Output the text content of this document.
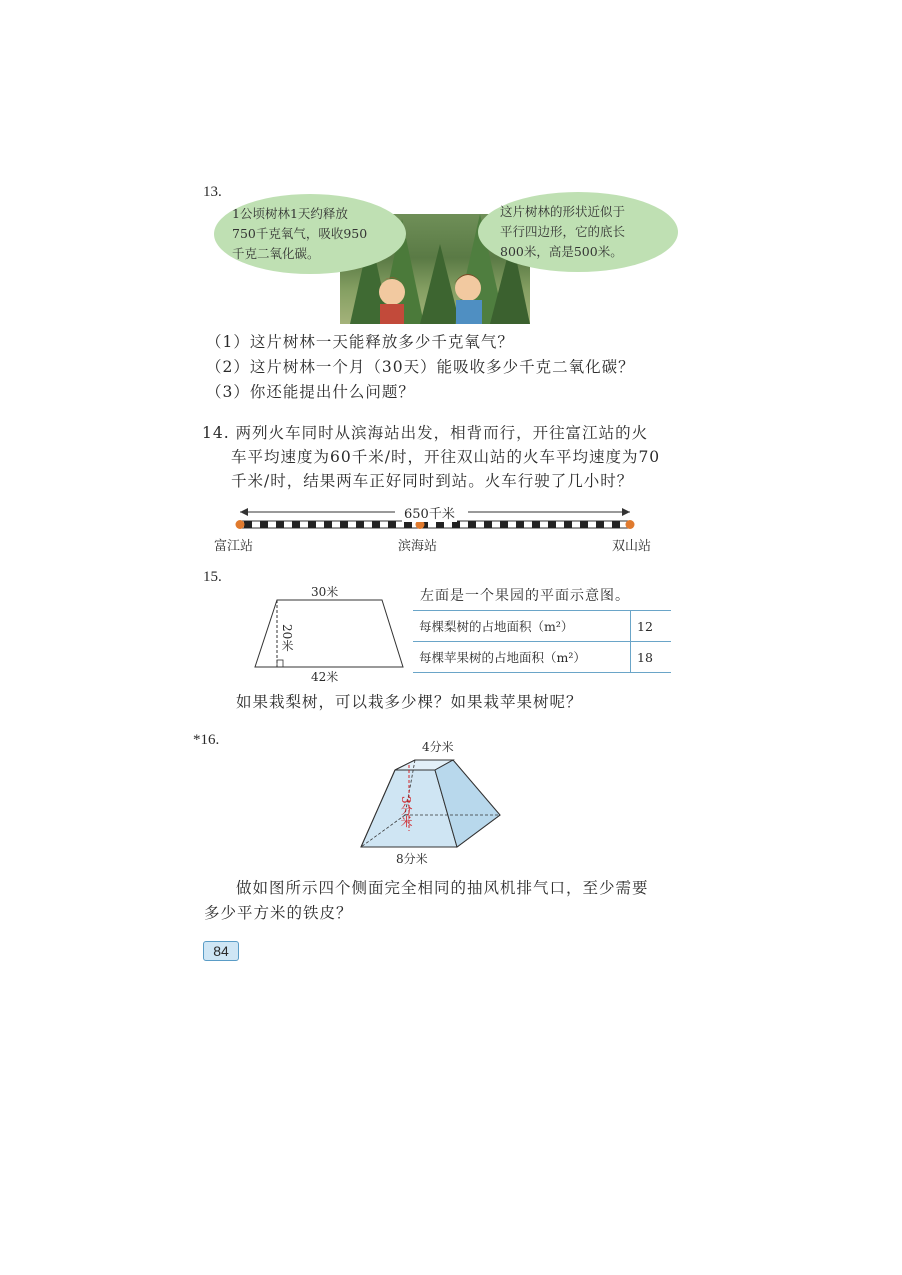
13.
1公顷树林1天约释放
750千克氧气，吸收950
千克二氧化碳。
这片树林的形状近似于
平行四边形，它的底长
800米，高是500米。
（1）这片树林一天能释放多少千克氧气？
（2）这片树林一个月（30天）能吸收多少千克二氧化碳？
（3）你还能提出什么问题？
14. 两列火车同时从滨海站出发，相背而行，开往富江站的火
车平均速度为60千米/时，开往双山站的火车平均速度为70
千米/时，结果两车正好同时到站。火车行驶了几小时？
650千米
富江站	滨海站	双山站
15.
30米
20米
42米
左面是一个果园的平面示意图。
每棵梨树的占地面积（m²）	12
每棵苹果树的占地面积（m²）	18
如果栽梨树，可以栽多少棵？如果栽苹果树呢？
*16.	4分米
3分米
8分米
做如图所示四个侧面完全相同的抽风机排气口，至少需要
多少平方米的铁皮？
84
